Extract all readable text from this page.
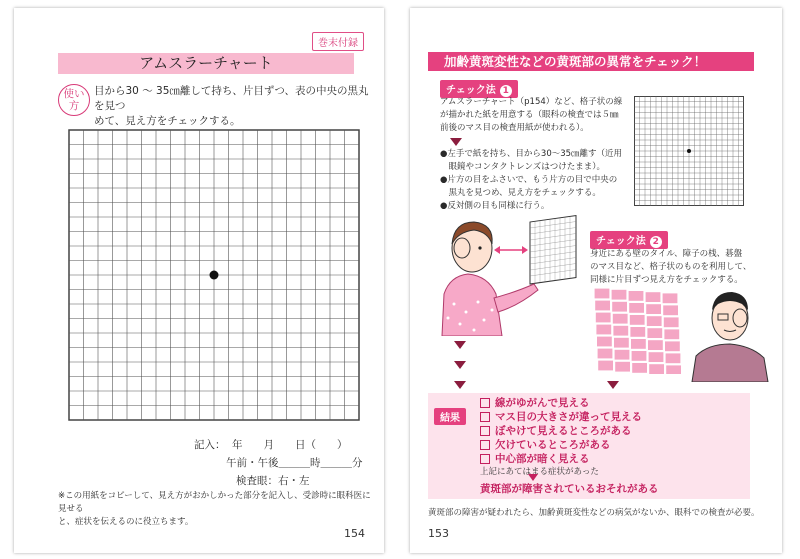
巻末付録
アムスラーチャート
使い方
目から30 ～ 35㎝離して持ち、片目ずつ、表の中央の黒丸を見つ
めて、見え方をチェックする。
記入： 年　　月　　日（　　）
午前・午後＿＿＿時＿＿＿分
検査眼：右・左
※この用紙をコピーして、見え方がおかしかった部分を記入し、受診時に眼科医に見せる
と、症状を伝えるのに役立ちます。
154
加齢黄斑変性などの黄斑部の異常をチェック！
チェック法 1
アムスラーチャート（p154）など、格子状の線
が描かれた紙を用意する（眼科の検査では５㎜
前後のマス目の検査用紙が使われる）。
●左手で紙を持ち、目から30～35㎝離す（近用
　眼鏡やコンタクトレンズはつけたまま）。
●片方の目をふさいで、もう片方の目で中央の
　黒丸を見つめ、見え方をチェックする。
●反対側の目も同様に行う。
チェック法 2
身近にある壁のタイル、障子の桟、碁盤
のマス目など、格子状のものを利用して、
同様に片目ずつ見え方をチェックする。
結果
線がゆがんで見える
マス目の大きさが違って見える
ぼやけて見えるところがある
欠けているところがある
中心部が暗く見える
上記にあてはまる症状があった
黄斑部が障害されているおそれがある
黄斑部の障害が疑われたら、加齢黄斑変性などの病気がないか、眼科での検査が必要。
153
